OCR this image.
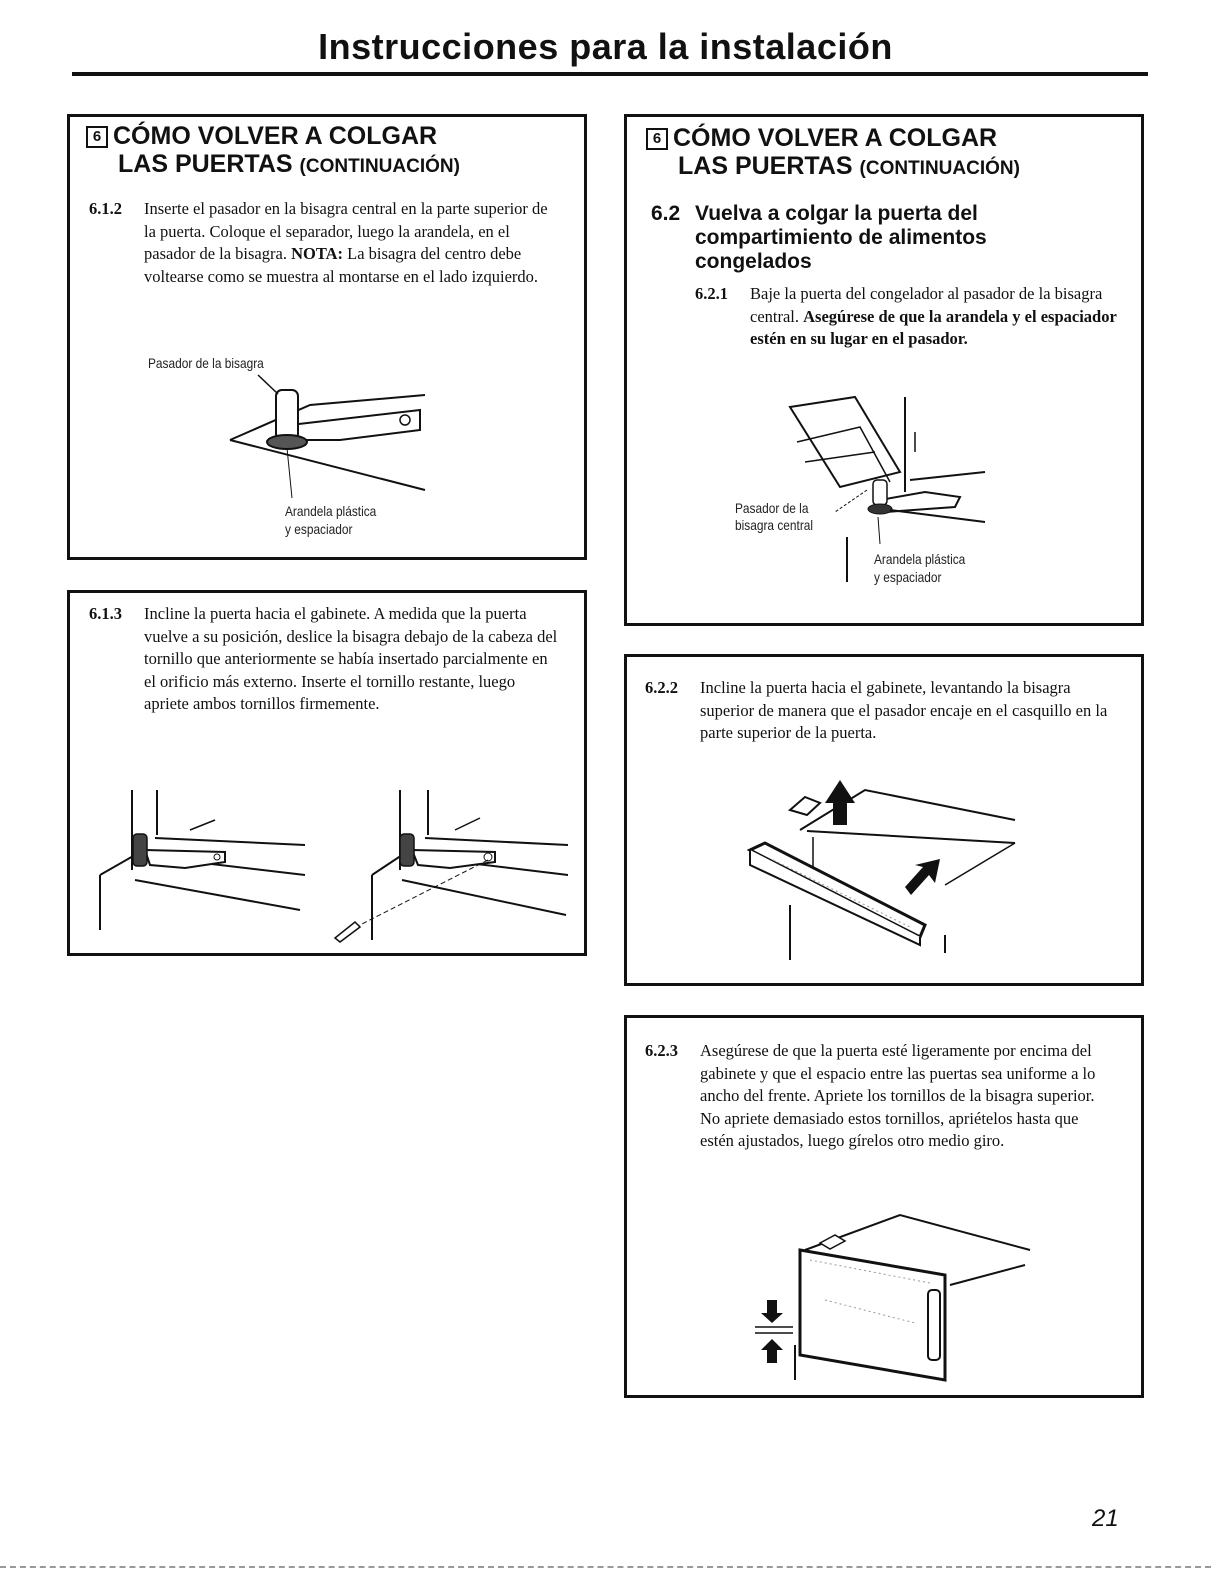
Instrucciones para la instalación
6 CÓMO VOLVER A COLGAR
LAS PUERTAS (CONTINUACIÓN)
6.1.2 Inserte el pasador en la bisagra central en la parte superior de la puerta. Coloque el separador, luego la arandela, en el pasador de la bisagra. NOTA: La bisagra del centro debe voltearse como se muestra al montarse en el lado izquierdo.
Pasador de la bisagra
Arandela plástica
y espaciador
6.1.3 Incline la puerta hacia el gabinete. A medida que la puerta vuelve a su posición, deslice la bisagra debajo de la cabeza del tornillo que anteriormente se había insertado parcialmente en el orificio más externo. Inserte el tornillo restante, luego apriete ambos tornillos firmemente.
6 CÓMO VOLVER A COLGAR
LAS PUERTAS (CONTINUACIÓN)
6.2 Vuelva a colgar la puerta del compartimiento de alimentos congelados
6.2.1 Baje la puerta del congelador al pasador de la bisagra central. Asegúrese de que la arandela y el espaciador estén en su lugar en el pasador.
Pasador de la
bisagra central
Arandela plástica
y espaciador
6.2.2 Incline la puerta hacia el gabinete, levantando la bisagra superior de manera que el pasador encaje en el casquillo en la parte superior de la puerta.
6.2.3 Asegúrese de que la puerta esté ligeramente por encima del gabinete y que el espacio entre las puertas sea uniforme a lo ancho del frente. Apriete los tornillos de la bisagra superior.
No apriete demasiado estos tornillos, apriételos hasta que estén ajustados, luego gírelos otro medio giro.
21
